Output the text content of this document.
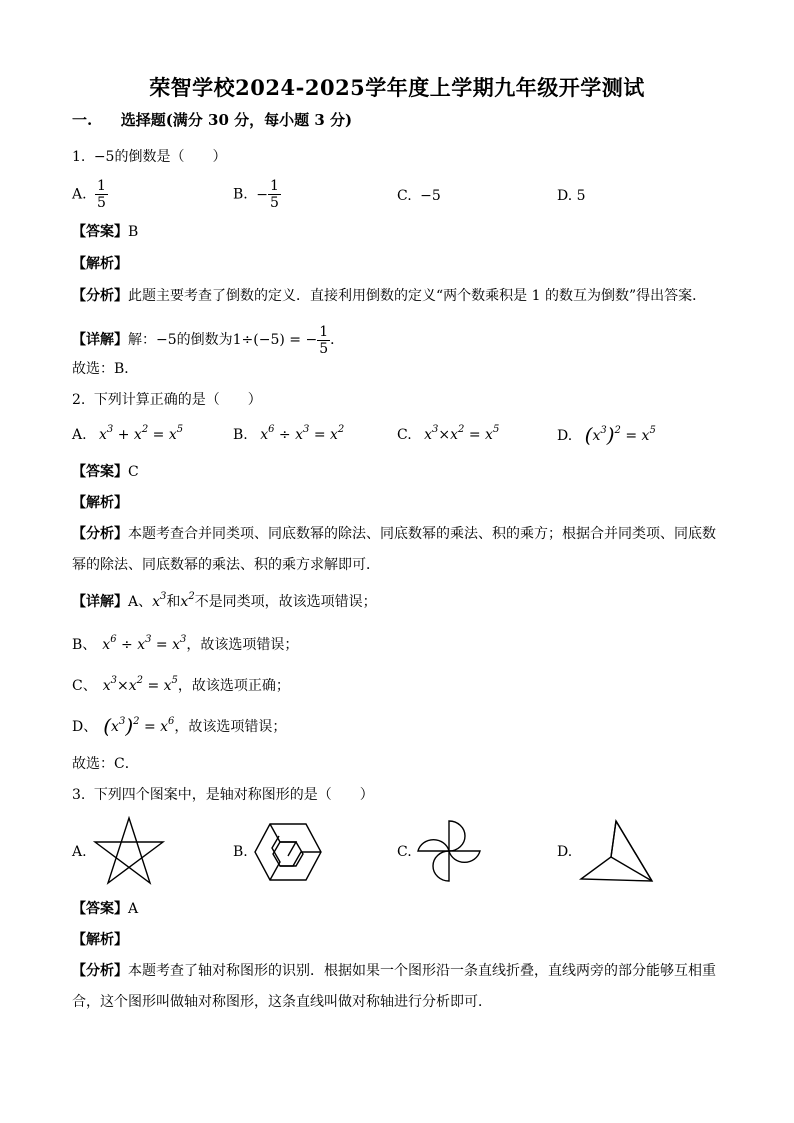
荣智学校2024-2025学年度上学期九年级开学测试
一. 选择题(满分 30 分，每小题 3 分)
1. −5的倒数是（　　）
A. $\frac{1}{5}$	B. − $\frac{1}{5}$	C. −5	D. 5
【答案】B
【解析】
【分析】此题主要考查了倒数的定义．直接利用倒数的定义“两个数乘积是 1 的数互为倒数”得出答案．
【详解】解：−5的倒数为1÷(−5) = − $\frac{1}{5}$ ．
故选：B．
2. 下列计算正确的是（　　）
A. $x^3 + x^2 = x^5$	B. $x^6 \div x^3 = x^2$	C. $x^3\times x^2 = x^5$	D. $(x^3)^2 = x^5$
【答案】C
【解析】
【分析】本题考查合并同类项、同底数幂的除法、同底数幂的乘法、积的乘方；根据合并同类项、同底数
幂的除法、同底数幂的乘法、积的乘方求解即可．
【详解】A、$x^3$和$x^2$不是同类项，故该选项错误；
B、 $x^6 \div x^3 = x^3$，故该选项错误；
C、 $x^3\times x^2 = x^5$，故该选项正确；
D、 $(x^3)^2 = x^6$，故该选项错误；
故选：C．
3. 下列四个图案中，是轴对称图形的是（　　）
A.	B.	C.	D.
【答案】A
【解析】
【分析】本题考查了轴对称图形的识别．根据如果一个图形沿一条直线折叠，直线两旁的部分能够互相重
合，这个图形叫做轴对称图形，这条直线叫做对称轴进行分析即可．
